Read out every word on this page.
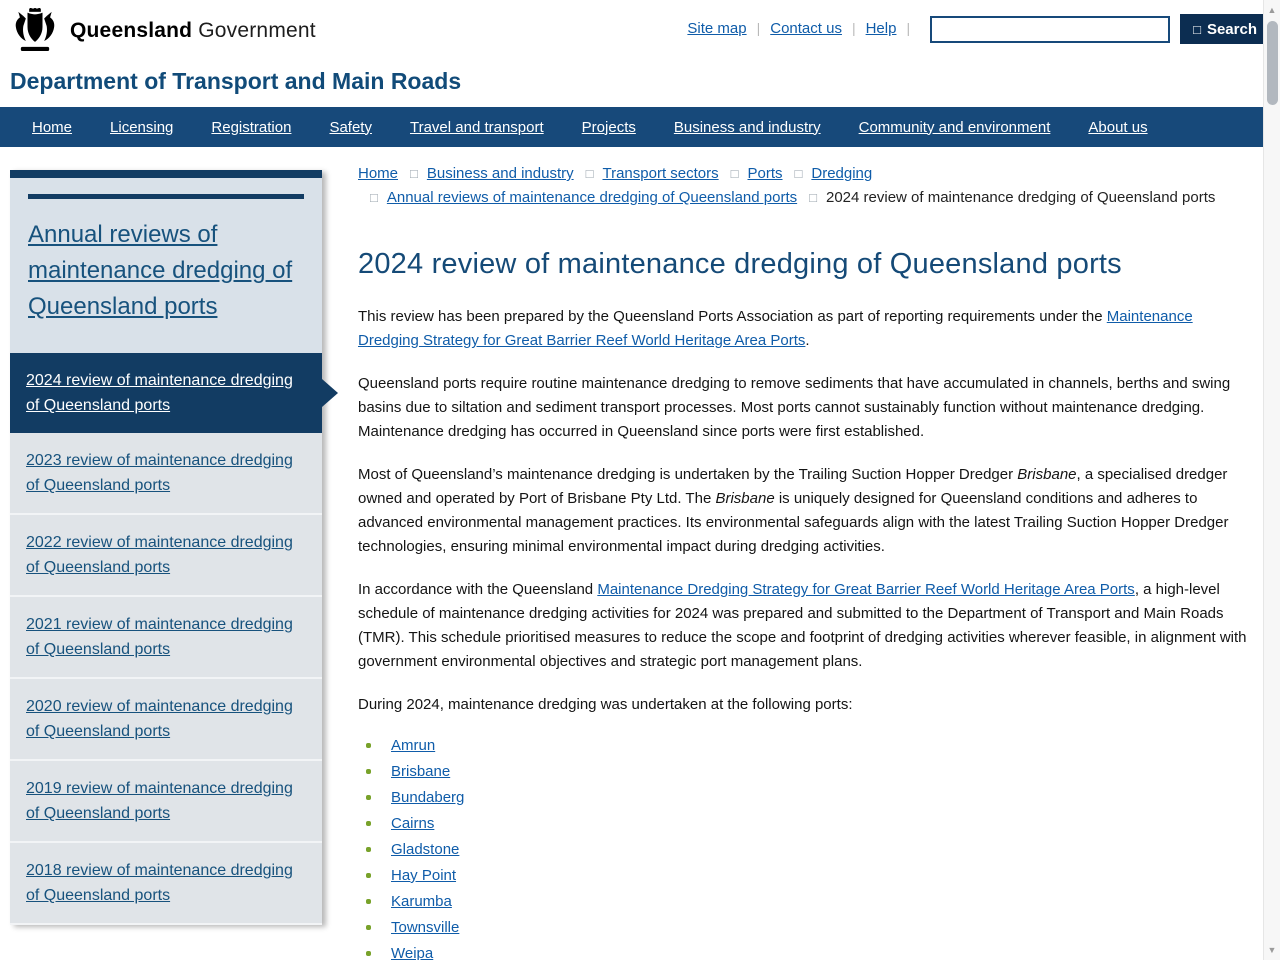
▲
▼
Queensland Government	Site map | Contact us | Help |	□ Search
Department of Transport and Main Roads
Home	Licensing	Registration	Safety	Travel and transport	Projects	Business and industry	Community and environment	About us
Annual reviews of maintenance dredging of Queensland ports
2024 review of maintenance dredging of Queensland ports
2023 review of maintenance dredging of Queensland ports
2022 review of maintenance dredging of Queensland ports
2021 review of maintenance dredging of Queensland ports
2020 review of maintenance dredging of Queensland ports
2019 review of maintenance dredging of Queensland ports
2018 review of maintenance dredging of Queensland ports
Home □ Business and industry □ Transport sectors □ Ports □ Dredging□ Annual reviews of maintenance dredging of Queensland ports □ 2024 review of maintenance dredging of Queensland ports
2024 review of maintenance dredging of Queensland ports

This review has been prepared by the Queensland Ports Association as part of reporting requirements under the Maintenance Dredging Strategy for Great Barrier Reef World Heritage Area Ports.

Queensland ports require routine maintenance dredging to remove sediments that have accumulated in channels, berths and swing basins due to siltation and sediment transport processes. Most ports cannot sustainably function without maintenance dredging. Maintenance dredging has occurred in Queensland since ports were first established.

Most of Queensland’s maintenance dredging is undertaken by the Trailing Suction Hopper Dredger Brisbane, a specialised dredger owned and operated by Port of Brisbane Pty Ltd. The Brisbane is uniquely designed for Queensland conditions and adheres to advanced environmental management practices. Its environmental safeguards align with the latest Trailing Suction Hopper Dredger technologies, ensuring minimal environmental impact during dredging activities.

In accordance with the Queensland Maintenance Dredging Strategy for Great Barrier Reef World Heritage Area Ports, a high-level schedule of maintenance dredging activities for 2024 was prepared and submitted to the Department of Transport and Main Roads (TMR). This schedule prioritised measures to reduce the scope and footprint of dredging activities wherever feasible, in alignment with government environmental objectives and strategic port management plans.

During 2024, maintenance dredging was undertaken at the following ports:

Amrun
Brisbane
Bundaberg
Cairns
Gladstone
Hay Point
Karumba
Townsville
Weipa
